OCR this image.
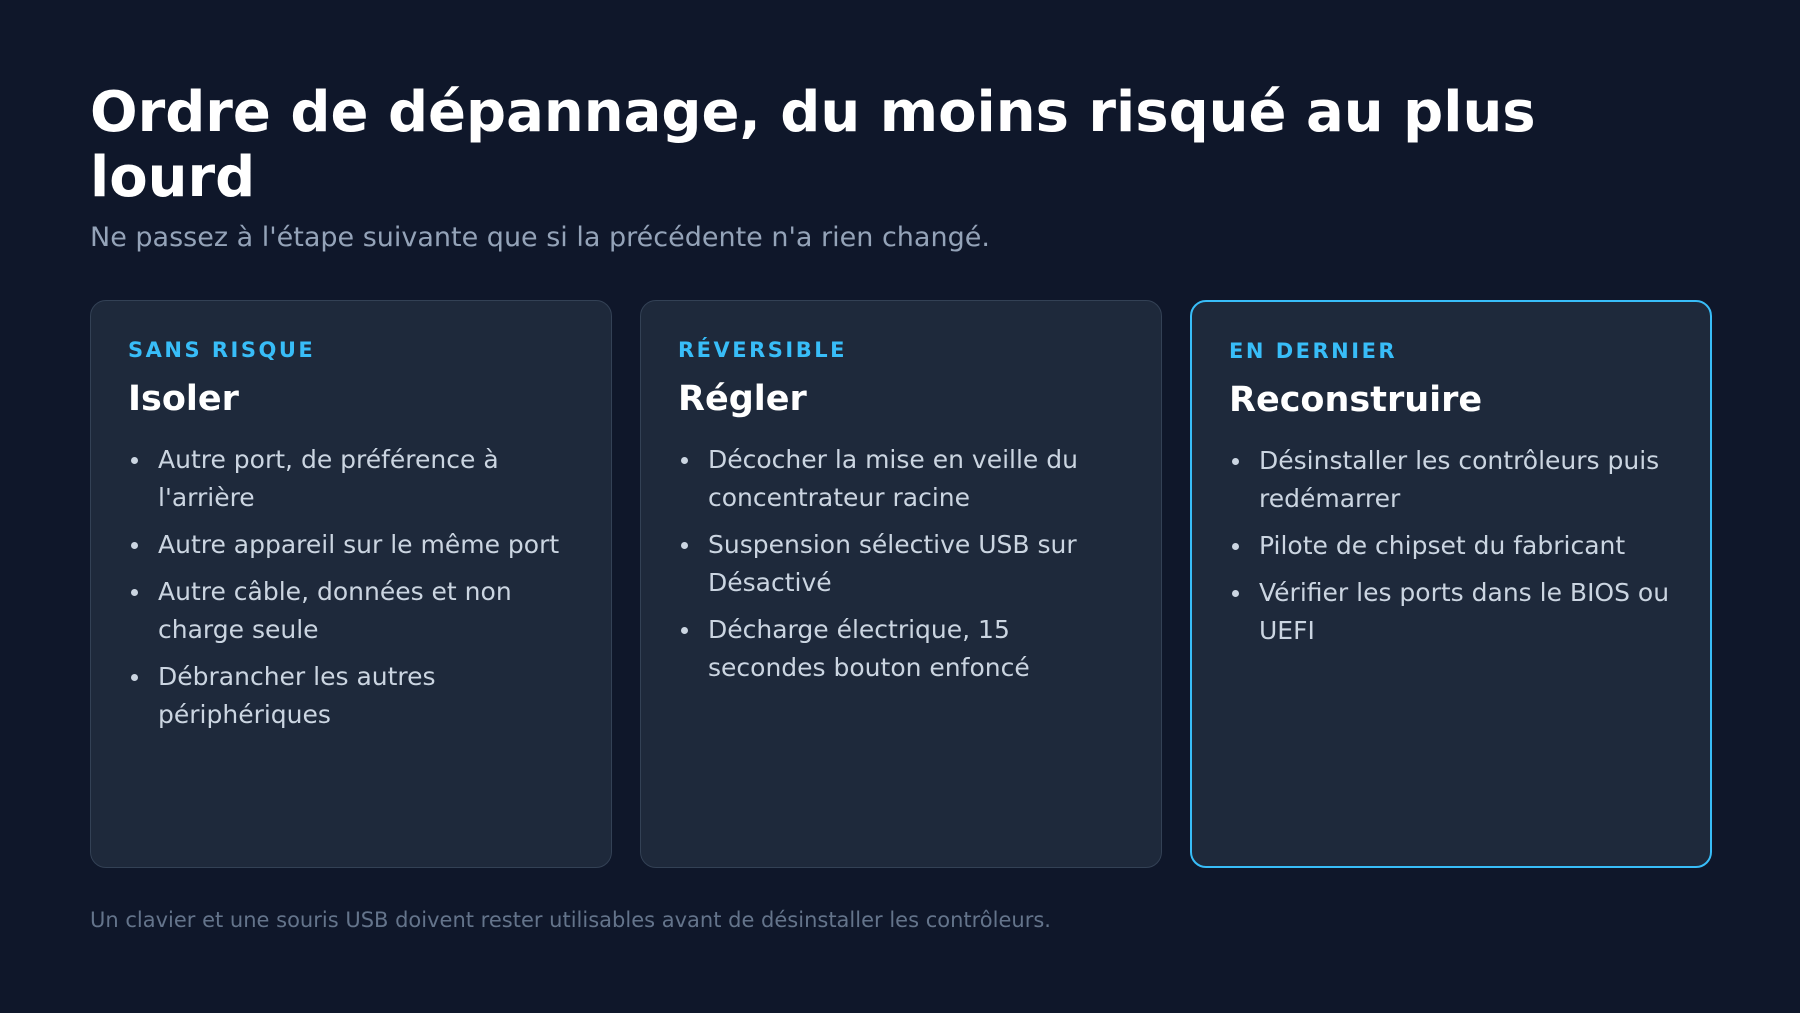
Ordre de dépannage, du moins risqué au plus lourd

Ne passez à l'étape suivante que si la précédente n'a rien changé.

SANS RISQUE
Isoler
Autre port, de préférence à l'arrière
Autre appareil sur le même port
Autre câble, données et non charge seule
Débrancher les autres périphériques
RÉVERSIBLE
Régler
Décocher la mise en veille du concentrateur racine
Suspension sélective USB sur Désactivé
Décharge électrique, 15 secondes bouton enfoncé
EN DERNIER
Reconstruire
Désinstaller les contrôleurs puis redémarrer
Pilote de chipset du fabricant
Vérifier les ports dans le BIOS ou UEFI

Un clavier et une souris USB doivent rester utilisables avant de désinstaller les contrôleurs.
